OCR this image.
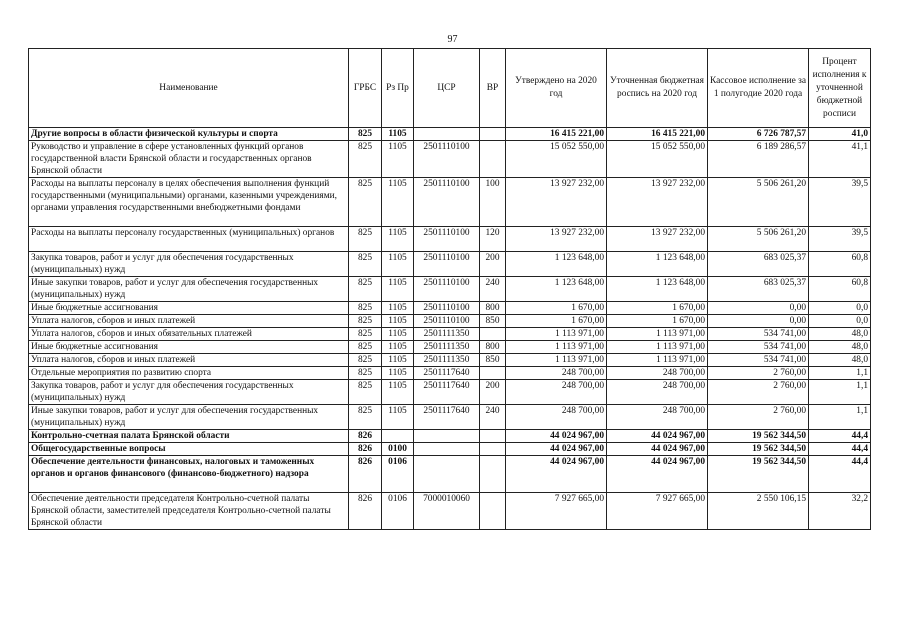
97
Наименование	ГРБС	Рз Пр	ЦСР	ВР	Утверждено на 2020 год	Уточненная бюджетная роспись на 2020 год	Кассовое исполнение за 1 полугодие 2020 года	Процент исполнения к уточненной бюджетной росписи
Другие вопросы в области физической культуры и спорта	825	1105			16 415 221,00	16 415 221,00	6 726 787,57	41,0
Руководство и управление в сфере установленных функций органов государственной власти Брянской области и государственных органов Брянской области	825	1105	2501110100		15 052 550,00	15 052 550,00	6 189 286,57	41,1
Расходы на выплаты персоналу в целях обеспечения выполнения функций государственными (муниципальными) органами, казенными учреждениями, органами управления государственными внебюджетными фондами	825	1105	2501110100	100	13 927 232,00	13 927 232,00	5 506 261,20	39,5
Расходы на выплаты персоналу государственных (муниципальных) органов	825	1105	2501110100	120	13 927 232,00	13 927 232,00	5 506 261,20	39,5
Закупка товаров, работ и услуг для обеспечения государственных (муниципальных) нужд	825	1105	2501110100	200	1 123 648,00	1 123 648,00	683 025,37	60,8
Иные закупки товаров, работ и услуг для обеспечения государственных (муниципальных) нужд	825	1105	2501110100	240	1 123 648,00	1 123 648,00	683 025,37	60,8
Иные бюджетные ассигнования	825	1105	2501110100	800	1 670,00	1 670,00	0,00	0,0
Уплата налогов, сборов и иных платежей	825	1105	2501110100	850	1 670,00	1 670,00	0,00	0,0
Уплата налогов, сборов и иных обязательных платежей	825	1105	2501111350		1 113 971,00	1 113 971,00	534 741,00	48,0
Иные бюджетные ассигнования	825	1105	2501111350	800	1 113 971,00	1 113 971,00	534 741,00	48,0
Уплата налогов, сборов и иных платежей	825	1105	2501111350	850	1 113 971,00	1 113 971,00	534 741,00	48,0
Отдельные мероприятия по развитию спорта	825	1105	2501117640		248 700,00	248 700,00	2 760,00	1,1
Закупка товаров, работ и услуг для обеспечения государственных (муниципальных) нужд	825	1105	2501117640	200	248 700,00	248 700,00	2 760,00	1,1
Иные закупки товаров, работ и услуг для обеспечения государственных (муниципальных) нужд	825	1105	2501117640	240	248 700,00	248 700,00	2 760,00	1,1
Контрольно-счетная палата Брянской области	826				44 024 967,00	44 024 967,00	19 562 344,50	44,4
Общегосударственные вопросы	826	0100			44 024 967,00	44 024 967,00	19 562 344,50	44,4
Обеспечение деятельности финансовых, налоговых и таможенных органов и органов финансового (финансово-бюджетного) надзора	826	0106			44 024 967,00	44 024 967,00	19 562 344,50	44,4
Обеспечение деятельности председателя Контрольно-счетной палаты Брянской области, заместителей председателя Контрольно-счетной палаты Брянской области	826	0106	7000010060		7 927 665,00	7 927 665,00	2 550 106,15	32,2
